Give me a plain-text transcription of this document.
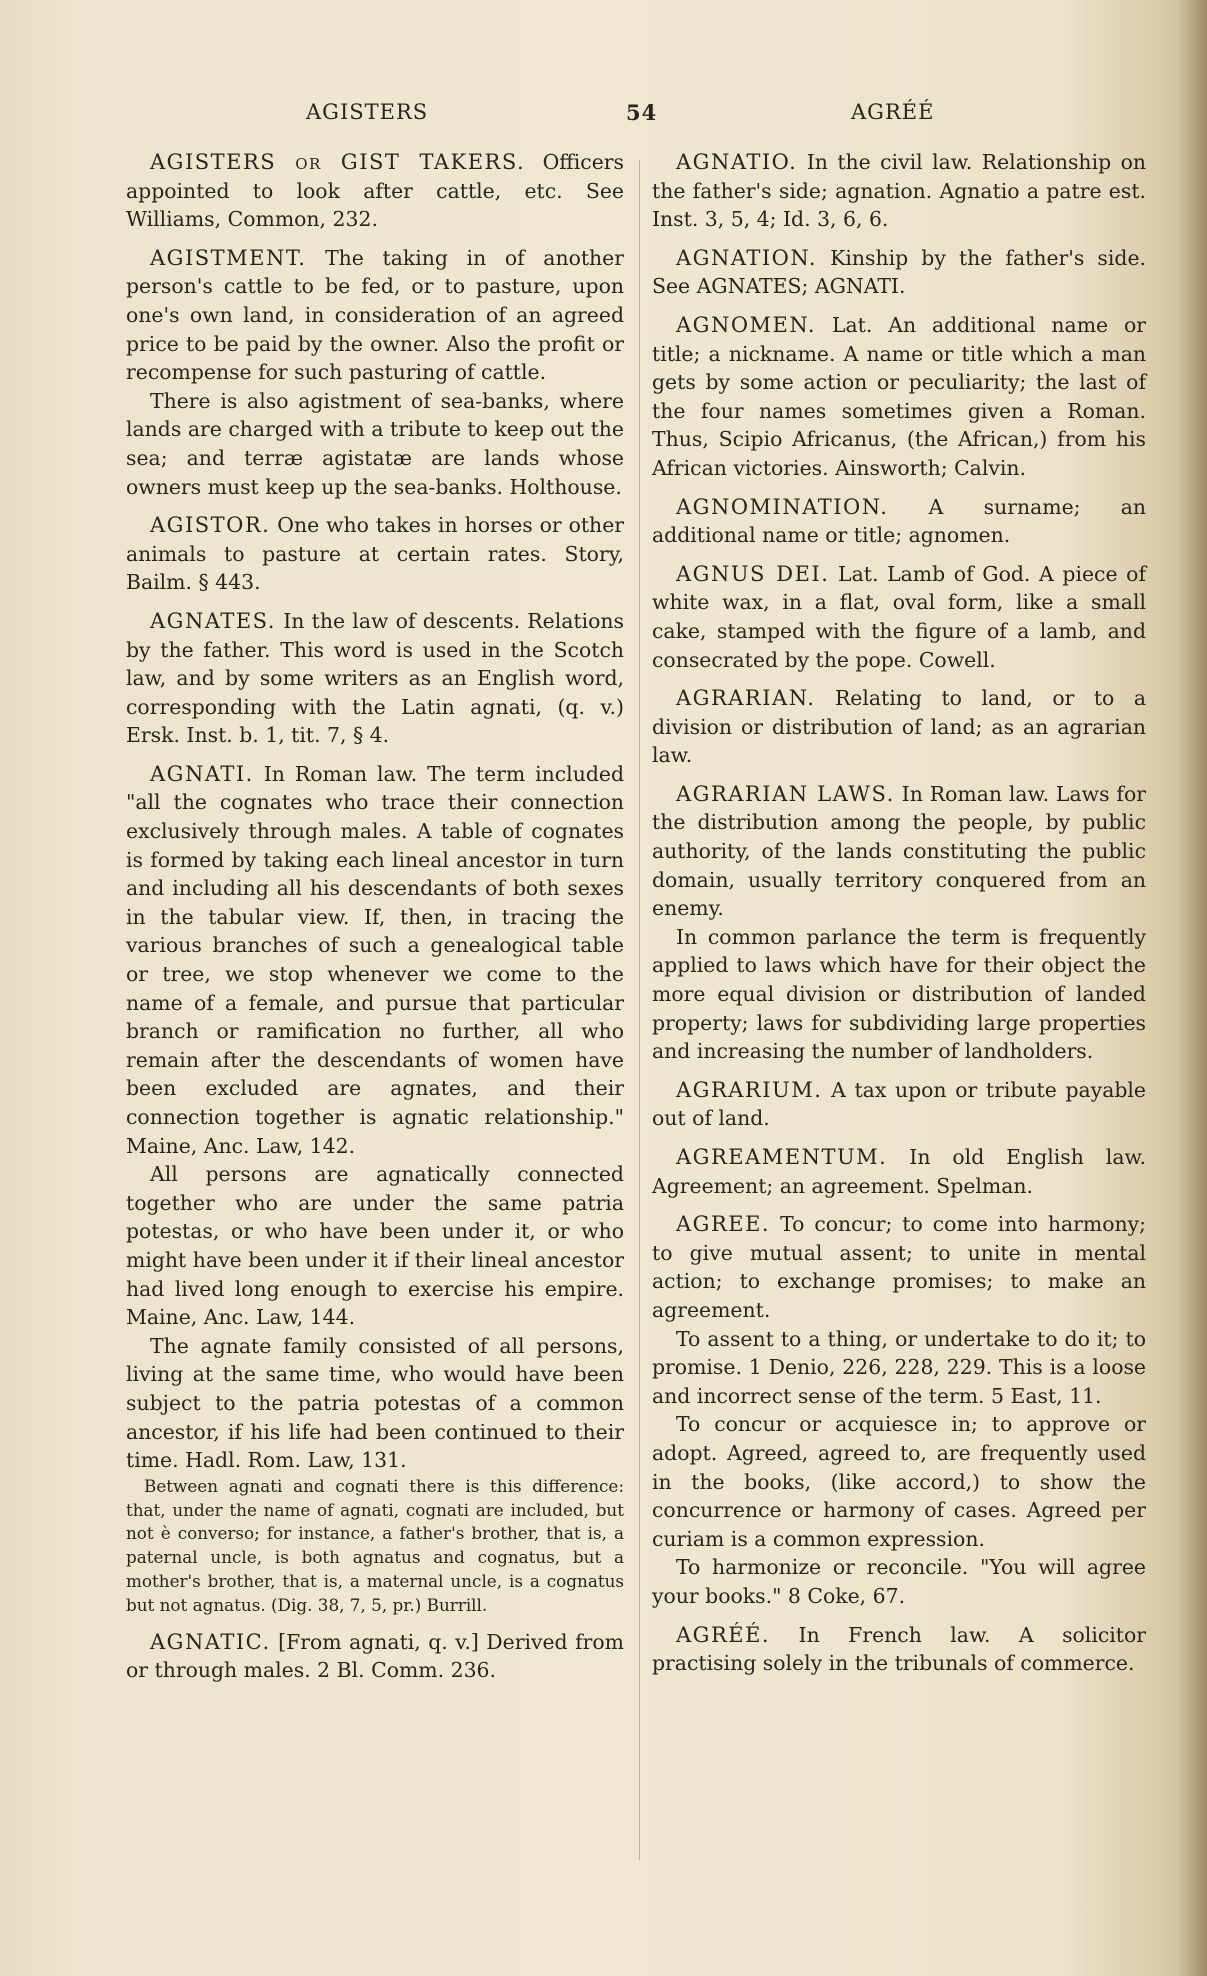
AGISTERS	54	AGRÉÉ

AGISTERS or GIST TAKERS. Officers appointed to look after cattle, etc. See Williams, Common, 232.

AGISTMENT. The taking in of another person's cattle to be fed, or to pasture, upon one's own land, in consideration of an agreed price to be paid by the owner. Also the profit or recompense for such pasturing of cattle.

There is also agistment of sea-banks, where lands are charged with a tribute to keep out the sea; and terræ agistatæ are lands whose owners must keep up the sea-banks. Holthouse.

AGISTOR. One who takes in horses or other animals to pasture at certain rates. Story, Bailm. § 443.

AGNATES. In the law of descents. Relations by the father. This word is used in the Scotch law, and by some writers as an English word, corresponding with the Latin agnati, (q. v.) Ersk. Inst. b. 1, tit. 7, § 4.

AGNATI. In Roman law. The term included "all the cognates who trace their connection exclusively through males. A table of cognates is formed by taking each lineal ancestor in turn and including all his descendants of both sexes in the tabular view. If, then, in tracing the various branches of such a genealogical table or tree, we stop whenever we come to the name of a female, and pursue that particular branch or ramification no further, all who remain after the descendants of women have been excluded are agnates, and their connection together is agnatic relationship." Maine, Anc. Law, 142.

All persons are agnatically connected together who are under the same patria potestas, or who have been under it, or who might have been under it if their lineal ancestor had lived long enough to exercise his empire. Maine, Anc. Law, 144.

The agnate family consisted of all persons, living at the same time, who would have been subject to the patria potestas of a common ancestor, if his life had been continued to their time. Hadl. Rom. Law, 131.

Between agnati and cognati there is this difference: that, under the name of agnati, cognati are included, but not è converso; for instance, a father's brother, that is, a paternal uncle, is both agnatus and cognatus, but a mother's brother, that is, a maternal uncle, is a cognatus but not agnatus. (Dig. 38, 7, 5, pr.) Burrill.

AGNATIC. [From agnati, q. v.] Derived from or through males. 2 Bl. Comm. 236.

AGNATIO. In the civil law. Relationship on the father's side; agnation. Agnatio a patre est. Inst. 3, 5, 4; Id. 3, 6, 6.

AGNATION. Kinship by the father's side. See AGNATES; AGNATI.

AGNOMEN. Lat. An additional name or title; a nickname. A name or title which a man gets by some action or peculiarity; the last of the four names sometimes given a Roman. Thus, Scipio Africanus, (the African,) from his African victories. Ainsworth; Calvin.

AGNOMINATION. A surname; an additional name or title; agnomen.

AGNUS DEI. Lat. Lamb of God. A piece of white wax, in a flat, oval form, like a small cake, stamped with the figure of a lamb, and consecrated by the pope. Cowell.

AGRARIAN. Relating to land, or to a division or distribution of land; as an agrarian law.

AGRARIAN LAWS. In Roman law. Laws for the distribution among the people, by public authority, of the lands constituting the public domain, usually territory conquered from an enemy.

In common parlance the term is frequently applied to laws which have for their object the more equal division or distribution of landed property; laws for subdividing large properties and increasing the number of landholders.

AGRARIUM. A tax upon or tribute payable out of land.

AGREAMENTUM. In old English law. Agreement; an agreement. Spelman.

AGREE. To concur; to come into harmony; to give mutual assent; to unite in mental action; to exchange promises; to make an agreement.

To assent to a thing, or undertake to do it; to promise. 1 Denio, 226, 228, 229. This is a loose and incorrect sense of the term. 5 East, 11.

To concur or acquiesce in; to approve or adopt. Agreed, agreed to, are frequently used in the books, (like accord,) to show the concurrence or harmony of cases. Agreed per curiam is a common expression.

To harmonize or reconcile. "You will agree your books." 8 Coke, 67.

AGRÉÉ. In French law. A solicitor practising solely in the tribunals of commerce.
